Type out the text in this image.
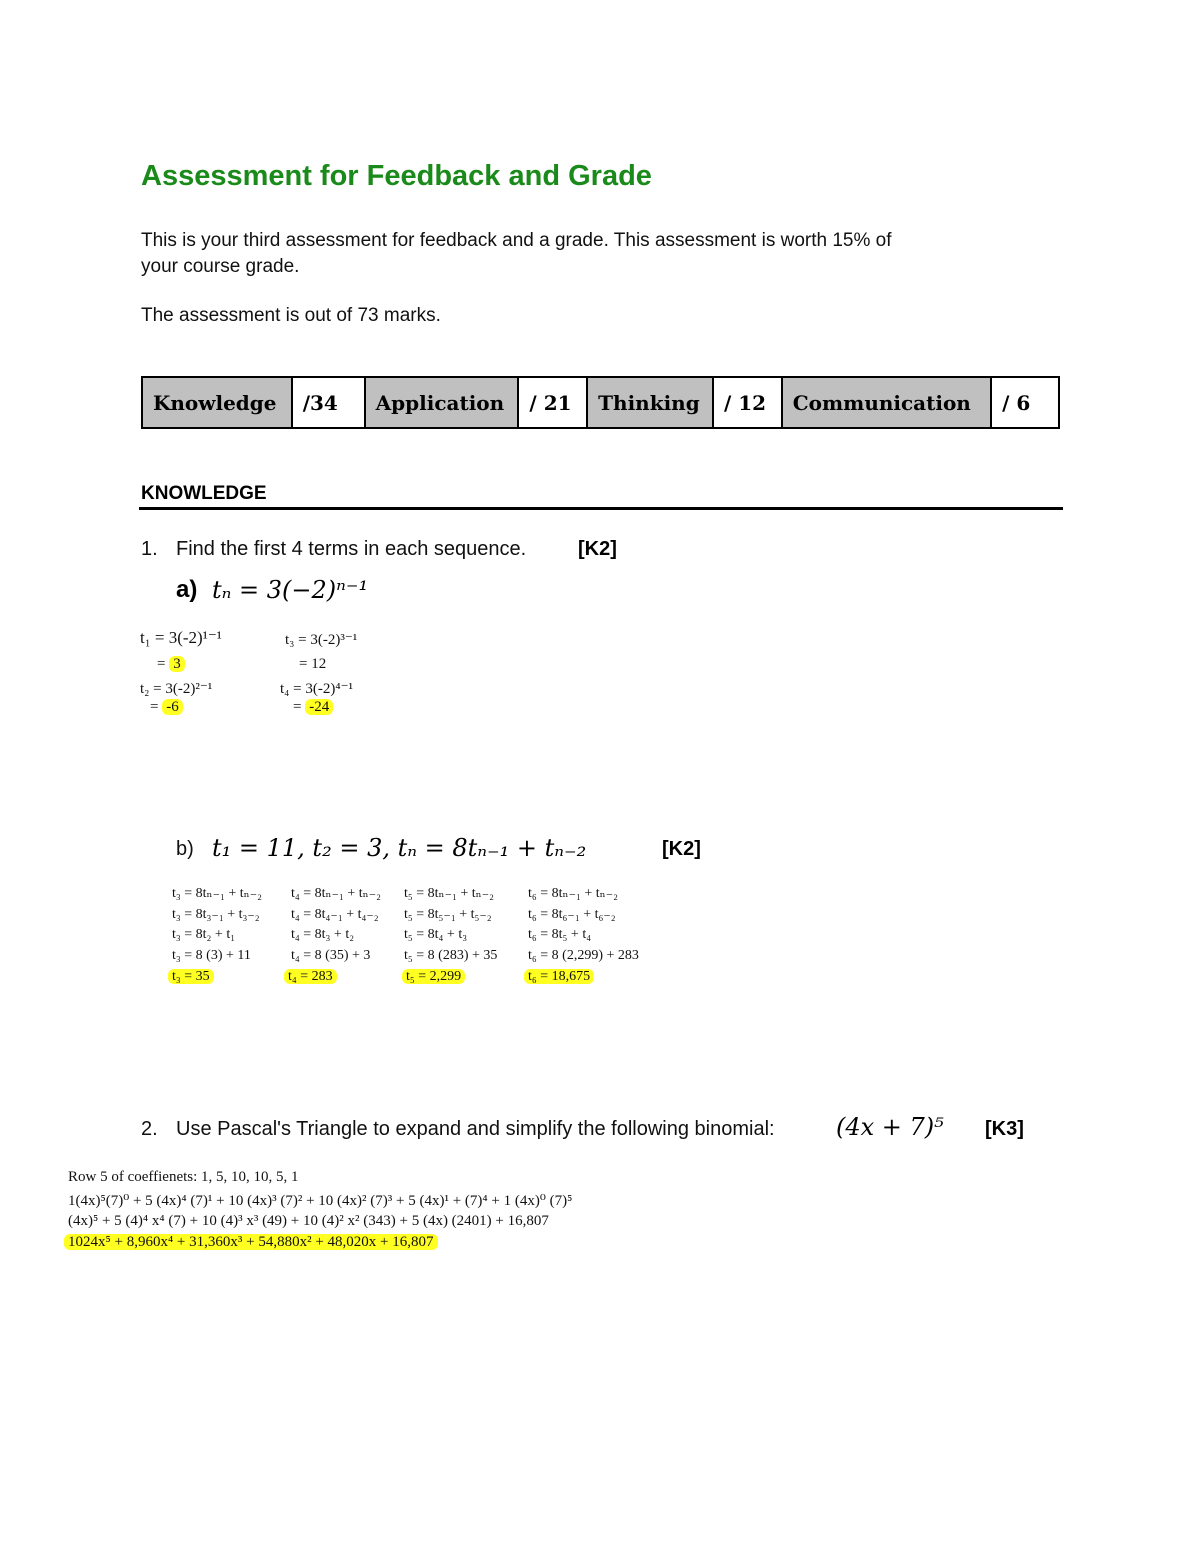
Assessment for Feedback and Grade
This is your third assessment for feedback and a grade. This assessment is worth 15% of
your course grade.
The assessment is out of 73 marks.
Knowledge	/34	Application	/ 21	Thinking	/ 12	Communication	/ 6
KNOWLEDGE
1. Find the first 4 terms in each sequence.	[K2]
a) tₙ = 3(−2)ⁿ⁻¹
t₁ = 3(-2)¹⁻¹
= 3
t₂ = 3(-2)²⁻¹
= -6
t₃ = 3(-2)³⁻¹
= 12
t₄ = 3(-2)⁴⁻¹
= -24
b) t₁ = 11, t₂ = 3, tₙ = 8tₙ₋₁ + tₙ₋₂	[K2]
t₃ = 8tₙ₋₁ + tₙ₋₂
t₃ = 8t₃₋₁ + t₃₋₂
t₃ = 8t₂ + t₁
t₃ = 8 (3) + 11
t₃ = 35
t₄ = 8tₙ₋₁ + tₙ₋₂
t₄ = 8t₄₋₁ + t₄₋₂
t₄ = 8t₃ + t₂
t₄ = 8 (35) + 3
t₄ = 283
t₅ = 8tₙ₋₁ + tₙ₋₂
t₅ = 8t₅₋₁ + t₅₋₂
t₅ = 8t₄ + t₃
t₅ = 8 (283) + 35
t₅ = 2,299
t₆ = 8tₙ₋₁ + tₙ₋₂
t₆ = 8t₆₋₁ + t₆₋₂
t₆ = 8t₅ + t₄
t₆ = 8 (2,299) + 283
t₆ = 18,675
2. Use Pascal's Triangle to expand and simplify the following binomial:	(4x + 7)⁵ [K3]
Row 5 of coeffienets: 1, 5, 10, 10, 5, 1
1(4x)⁵(7)⁰ + 5 (4x)⁴ (7)¹ + 10 (4x)³ (7)² + 10 (4x)² (7)³ + 5 (4x)¹ + (7)⁴ + 1 (4x)⁰ (7)⁵
(4x)⁵ + 5 (4)⁴ x⁴ (7) + 10 (4)³ x³ (49) + 10 (4)² x² (343) + 5 (4x) (2401) + 16,807
1024x⁵ + 8,960x⁴ + 31,360x³ + 54,880x² + 48,020x + 16,807
